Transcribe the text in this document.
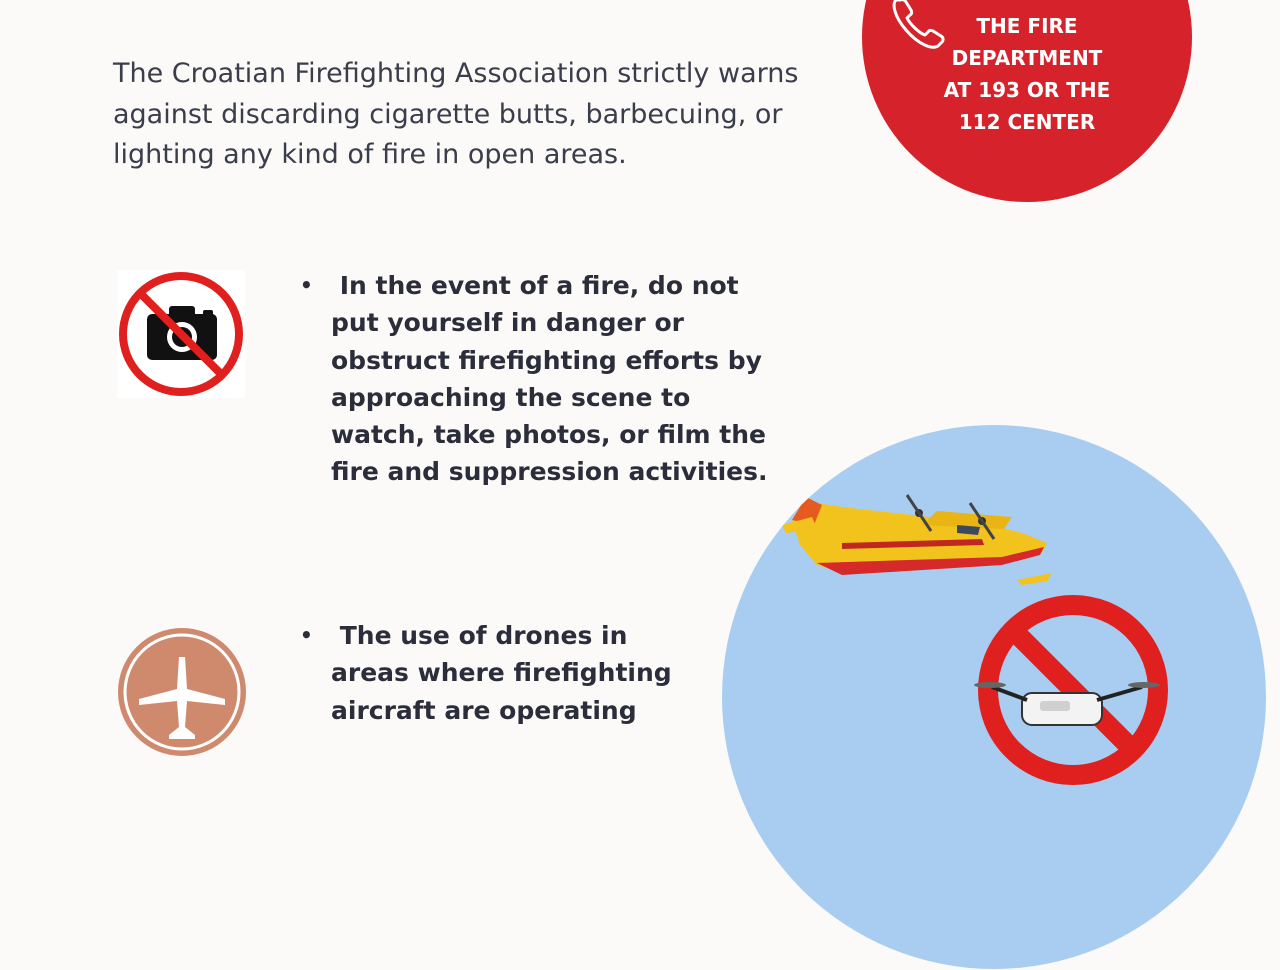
The Croatian Firefighting Association strictly warns against discarding cigarette butts, barbecuing, or lighting any kind of fire in open areas.

THE FIRE
DEPARTMENT
AT 193 OR THE
112 CENTER
•	In the event of a fire, do not put yourself in danger or obstruct firefighting efforts by approaching the scene to watch, take photos, or film the fire and suppression activities.
•	The use of drones in areas where firefighting aircraft are operating
